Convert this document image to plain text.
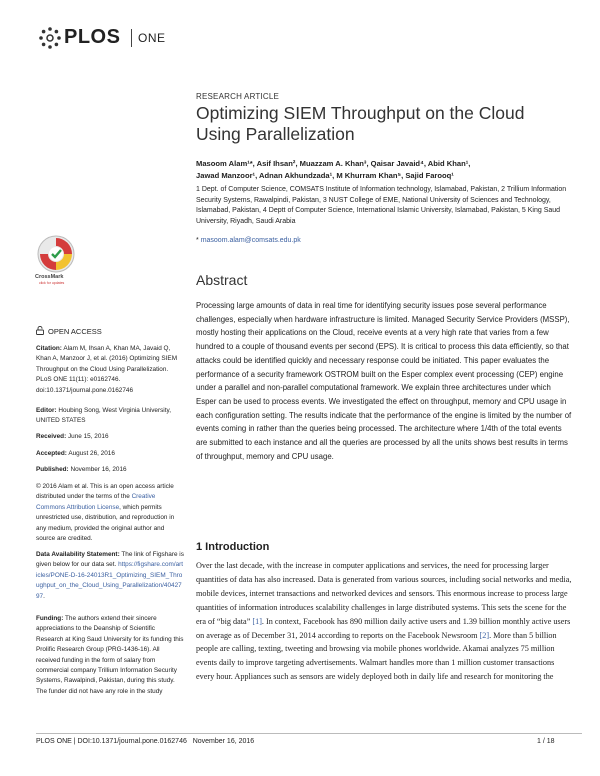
PLOS ONE
RESEARCH ARTICLE
Optimizing SIEM Throughput on the Cloud Using Parallelization
Masoom Alam¹*, Asif Ihsan², Muazzam A. Khan³, Qaisar Javaid⁴, Abid Khan¹,
Jawad Manzoor¹, Adnan Akhundzada¹, M Khurram Khan⁵, Sajid Farooq¹
1 Dept. of Computer Science, COMSATS Institute of Information technology, Islamabad, Pakistan, 2 Trillium Information Security Systems, Rawalpindi, Pakistan, 3 NUST College of EME, National University of Sciences and Technology, Islamabad, Pakistan, 4 Deptt of Computer Science, International Islamic University, Islamabad, Pakistan, 5 King Saud University, Riyadh, Saudi Arabia
* masoom.alam@comsats.edu.pk
CrossMark
click for updates
OPEN ACCESS
Citation: Alam M, Ihsan A, Khan MA, Javaid Q, Khan A, Manzoor J, et al. (2016) Optimizing SIEM Throughput on the Cloud Using Parallelization. PLoS ONE 11(11): e0162746. doi:10.1371/journal.pone.0162746
Editor: Houbing Song, West Virginia University, UNITED STATES
Received: June 15, 2016
Accepted: August 26, 2016
Published: November 16, 2016
© 2016 Alam et al. This is an open access article distributed under the terms of the Creative Commons Attribution License, which permits unrestricted use, distribution, and reproduction in any medium, provided the original author and source are credited.
Data Availability Statement: The link of Figshare is given below for our data set. https://figshare.com/articles/PONE-D-16-24013R1_Optimizing_SIEM_Throughput_on_the_Cloud_Using_Parallelization/4042797.
Funding: The authors extend their sincere appreciations to the Deanship of Scientific Research at King Saud University for its funding this Prolific Research Group (PRG-1436-16). All received funding in the form of salary from commercial company Trillium Information Security Systems, Rawalpindi, Pakistan, during this study. The funder did not have any role in the study
Abstract
Processing large amounts of data in real time for identifying security issues pose several performance challenges, especially when hardware infrastructure is limited. Managed Security Service Providers (MSSP), mostly hosting their applications on the Cloud, receive events at a very high rate that varies from a few hundred to a couple of thousand events per second (EPS). It is critical to process this data efficiently, so that attacks could be identified quickly and necessary response could be initiated. This paper evaluates the performance of a security framework OSTROM built on the Esper complex event processing (CEP) engine under a parallel and non-parallel computational framework. We explain three architectures under which Esper can be used to process events. We investigated the effect on throughput, memory and CPU usage in each configuration setting. The results indicate that the performance of the engine is limited by the number of events coming in rather than the queries being processed. The architecture where 1/4th of the total events are submitted to each instance and all the queries are processed by all the units shows best results in terms of throughput, memory and CPU usage.
1 Introduction
Over the last decade, with the increase in computer applications and services, the need for processing larger quantities of data has also increased. Data is generated from various sources, including social networks and media, mobile devices, internet transactions and networked devices and sensors. This enormous increase to process large quantities of information introduces scalability challenges in large distributed systems. This sets the scene for the era of “big data” [1]. In context, Facebook has 890 million daily active users and 1.39 billion monthly active users on average as of December 31, 2014 according to reports on the Facebook Newsroom [2]. More than 5 billion people are calling, texting, tweeting and browsing via mobile phones worldwide. Akamai analyzes 75 million events daily to improve targeting advertisements. Walmart handles more than 1 million customer transactions every hour. Appliances such as sensors are widely deployed both in daily life and research for monitoring the
PLOS ONE | DOI:10.1371/journal.pone.0162746   November 16, 2016	1 / 18
